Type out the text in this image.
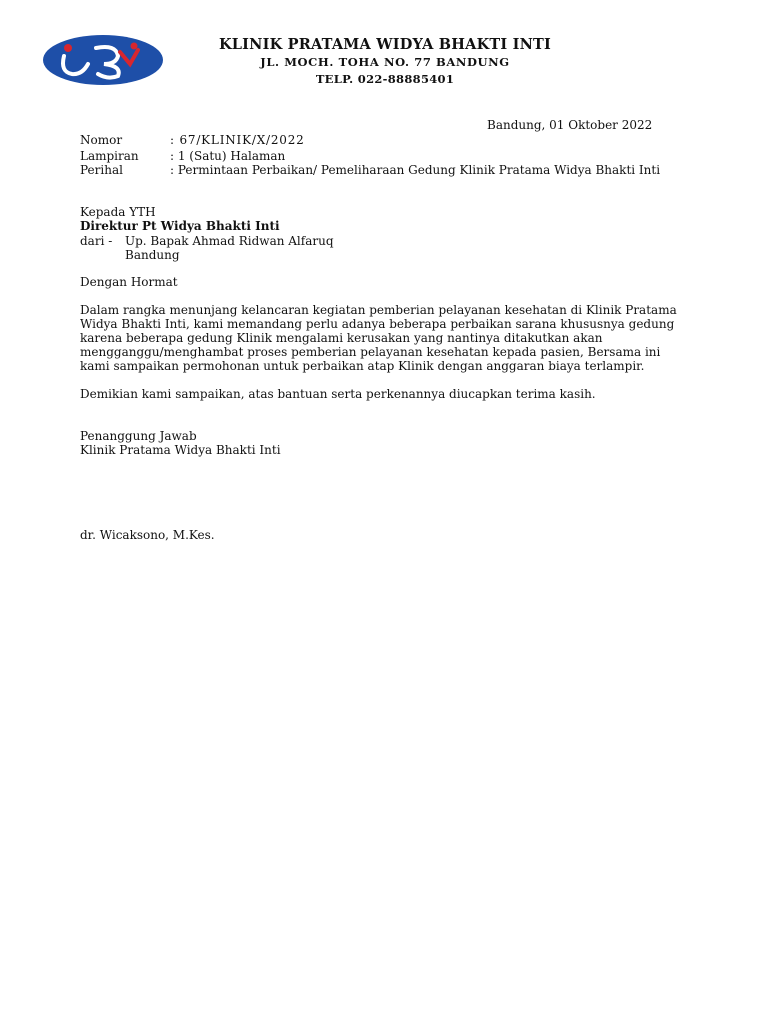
KLINIK PRATAMA WIDYA BHAKTI INTI
JL. MOCH. TOHA NO. 77 BANDUNG
TELP. 022-88885401
Bandung, 01 Oktober 2022
Nomor	: 67/KLINIK/X/2022
Lampiran	: 1 (Satu) Halaman
Perihal	: Permintaan Perbaikan/ Pemeliharaan Gedung Klinik Pratama Widya Bhakti Inti
Kepada YTH
Direktur Pt Widya Bhakti Inti
dari - Up. Bapak Ahmad Ridwan Alfaruq
Bandung
Dengan Hormat
Dalam rangka menunjang kelancaran kegiatan pemberian pelayanan kesehatan di Klinik Pratama
Widya Bhakti Inti, kami memandang perlu adanya beberapa perbaikan sarana khususnya gedung
karena beberapa gedung Klinik mengalami kerusakan yang nantinya ditakutkan akan
mengganggu/menghambat proses pemberian pelayanan kesehatan kepada pasien, Bersama ini
kami sampaikan permohonan untuk perbaikan atap Klinik dengan anggaran biaya terlampir.
Demikian kami sampaikan, atas bantuan serta perkenannya diucapkan terima kasih.
Penanggung Jawab
Klinik Pratama Widya Bhakti Inti
dr. Wicaksono, M.Kes.
